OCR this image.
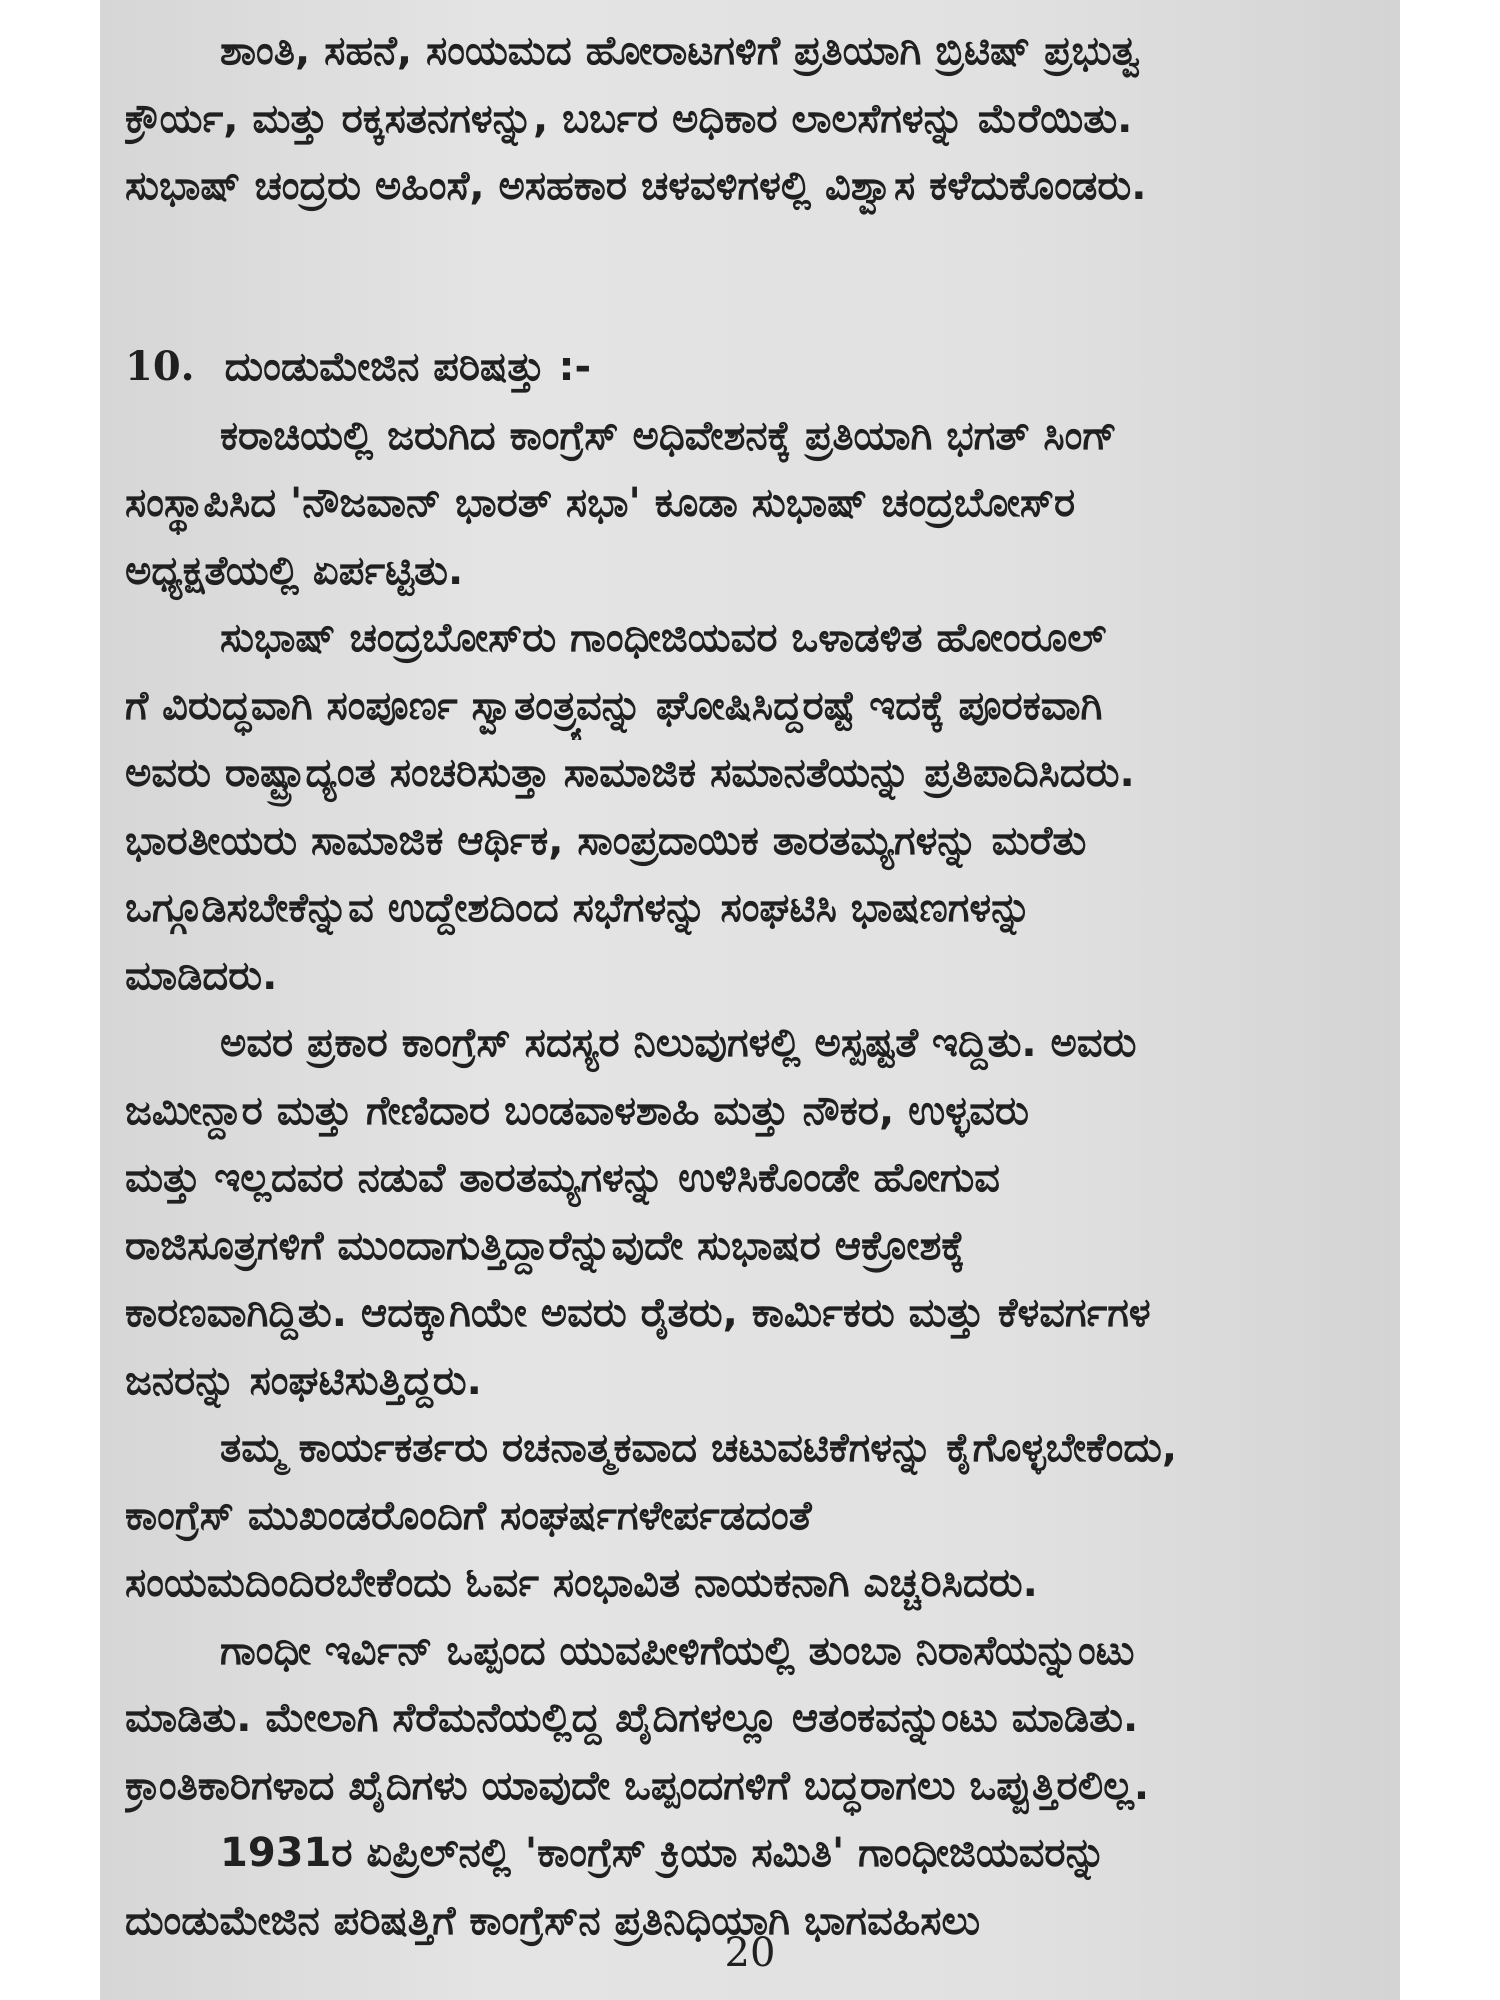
ಶಾಂತಿ, ಸಹನೆ, ಸಂಯಮದ ಹೋರಾಟಗಳಿಗೆ ಪ್ರತಿಯಾಗಿ ಬ್ರಿಟಿಷ್ ಪ್ರಭುತ್ವ
ಕ್ರೌರ್ಯ, ಮತ್ತು ರಕ್ಕಸತನಗಳನ್ನು, ಬರ್ಬರ ಅಧಿಕಾರ ಲಾಲಸೆಗಳನ್ನು ಮೆರೆಯಿತು.
ಸುಭಾಷ್ ಚಂದ್ರರು ಅಹಿಂಸೆ, ಅಸಹಕಾರ ಚಳವಳಿಗಳಲ್ಲಿ ವಿಶ್ವಾಸ ಕಳೆದುಕೊಂಡರು.
10. ದುಂಡುಮೇಜಿನ ಪರಿಷತ್ತು :-
ಕರಾಚಿಯಲ್ಲಿ ಜರುಗಿದ ಕಾಂಗ್ರೆಸ್ ಅಧಿವೇಶನಕ್ಕೆ ಪ್ರತಿಯಾಗಿ ಭಗತ್ ಸಿಂಗ್
ಸಂಸ್ಥಾಪಿಸಿದ 'ನೌಜವಾನ್ ಭಾರತ್ ಸಭಾ' ಕೂಡಾ ಸುಭಾಷ್ ಚಂದ್ರಬೋಸ್‌ರ
ಅಧ್ಯಕ್ಷತೆಯಲ್ಲಿ ಏರ್ಪಟ್ಟಿತು.
ಸುಭಾಷ್ ಚಂದ್ರಬೋಸ್‌ರು ಗಾಂಧೀಜಿಯವರ ಒಳಾಡಳಿತ ಹೋಂರೂಲ್
ಗೆ ವಿರುದ್ಧವಾಗಿ ಸಂಪೂರ್ಣ ಸ್ವಾತಂತ್ರ್ಯವನ್ನು ಘೋಷಿಸಿದ್ದರಷ್ಟೆ ಇದಕ್ಕೆ ಪೂರಕವಾಗಿ
ಅವರು ರಾಷ್ಟ್ರಾದ್ಯಂತ ಸಂಚರಿಸುತ್ತಾ ಸಾಮಾಜಿಕ ಸಮಾನತೆಯನ್ನು ಪ್ರತಿಪಾದಿಸಿದರು.
ಭಾರತೀಯರು ಸಾಮಾಜಿಕ ಆರ್ಥಿಕ, ಸಾಂಪ್ರದಾಯಿಕ ತಾರತಮ್ಯಗಳನ್ನು ಮರೆತು
ಒಗ್ಗೂಡಿಸಬೇಕೆನ್ನುವ ಉದ್ದೇಶದಿಂದ ಸಭೆಗಳನ್ನು ಸಂಘಟಿಸಿ ಭಾಷಣಗಳನ್ನು
ಮಾಡಿದರು.
ಅವರ ಪ್ರಕಾರ ಕಾಂಗ್ರೆಸ್ ಸದಸ್ಯರ ನಿಲುವುಗಳಲ್ಲಿ ಅಸ್ಪಷ್ಟತೆ ಇದ್ದಿತು. ಅವರು
ಜಮೀನ್ದಾರ ಮತ್ತು ಗೇಣಿದಾರ ಬಂಡವಾಳಶಾಹಿ ಮತ್ತು ನೌಕರ, ಉಳ್ಳವರು
ಮತ್ತು ಇಲ್ಲದವರ ನಡುವೆ ತಾರತಮ್ಯಗಳನ್ನು ಉಳಿಸಿಕೊಂಡೇ ಹೋಗುವ
ರಾಜಿಸೂತ್ರಗಳಿಗೆ ಮುಂದಾಗುತ್ತಿದ್ದಾರೆನ್ನುವುದೇ ಸುಭಾಷರ ಆಕ್ರೋಶಕ್ಕೆ
ಕಾರಣವಾಗಿದ್ದಿತು. ಆದಕ್ಕಾಗಿಯೇ ಅವರು ರೈತರು, ಕಾರ್ಮಿಕರು ಮತ್ತು ಕೆಳವರ್ಗಗಳ
ಜನರನ್ನು ಸಂಘಟಿಸುತ್ತಿದ್ದರು.
ತಮ್ಮ ಕಾರ್ಯಕರ್ತರು ರಚನಾತ್ಮಕವಾದ ಚಟುವಟಿಕೆಗಳನ್ನು ಕೈಗೊಳ್ಳಬೇಕೆಂದು,
ಕಾಂಗ್ರೆಸ್ ಮುಖಂಡರೊಂದಿಗೆ ಸಂಘರ್ಷಗಳೇರ್ಪಡದಂತೆ
ಸಂಯಮದಿಂದಿರಬೇಕೆಂದು ಓರ್ವ ಸಂಭಾವಿತ ನಾಯಕನಾಗಿ ಎಚ್ಚರಿಸಿದರು.
ಗಾಂಧೀ ಇರ್ವಿನ್ ಒಪ್ಪಂದ ಯುವಪೀಳಿಗೆಯಲ್ಲಿ ತುಂಬಾ ನಿರಾಸೆಯನ್ನುಂಟು
ಮಾಡಿತು. ಮೇಲಾಗಿ ಸೆರೆಮನೆಯಲ್ಲಿದ್ದ ಖೈದಿಗಳಲ್ಲೂ ಆತಂಕವನ್ನುಂಟು ಮಾಡಿತು.
ಕ್ರಾಂತಿಕಾರಿಗಳಾದ ಖೈದಿಗಳು ಯಾವುದೇ ಒಪ್ಪಂದಗಳಿಗೆ ಬದ್ಧರಾಗಲು ಒಪ್ಪುತ್ತಿರಲಿಲ್ಲ.
1931ರ ಏಪ್ರಿಲ್‌ನಲ್ಲಿ 'ಕಾಂಗ್ರೆಸ್ ಕ್ರಿಯಾ ಸಮಿತಿ' ಗಾಂಧೀಜಿಯವರನ್ನು
ದುಂಡುಮೇಜಿನ ಪರಿಷತ್ತಿಗೆ ಕಾಂಗ್ರೆಸ್‌ನ ಪ್ರತಿನಿಧಿಯಾಗಿ ಭಾಗವಹಿಸಲು
20
